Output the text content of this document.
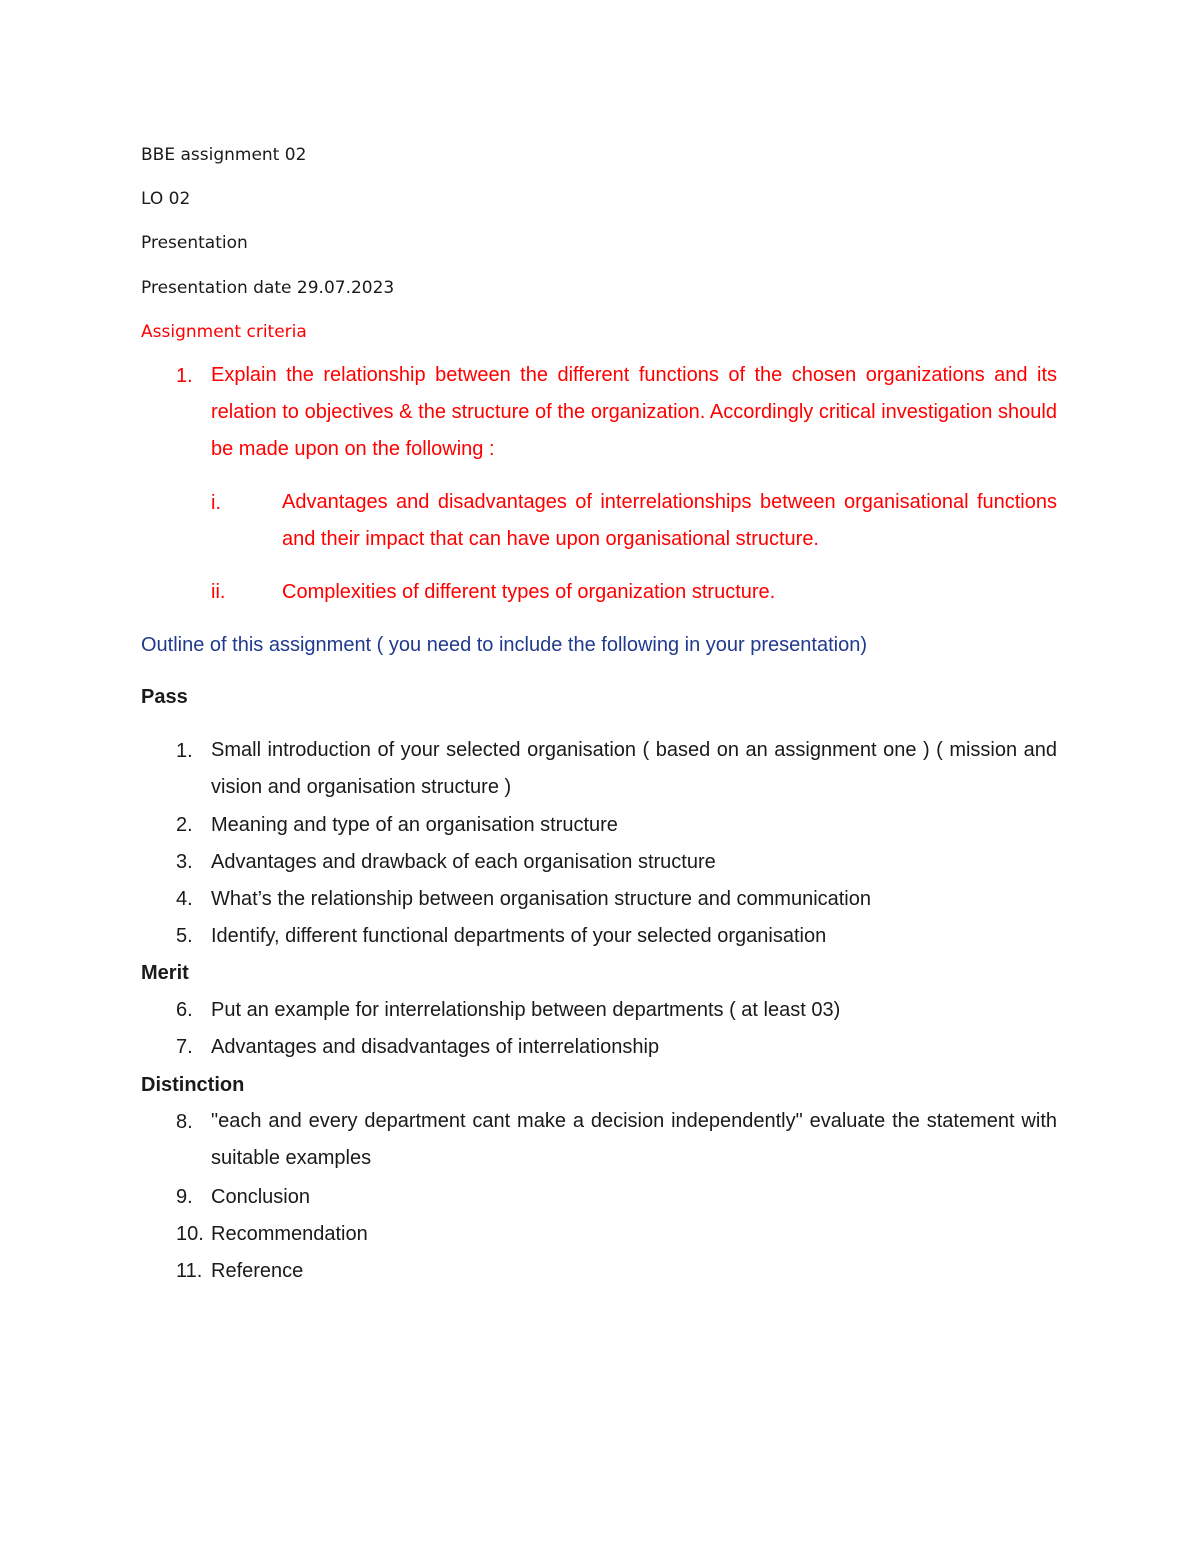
BBE assignment 02

LO 02

Presentation

Presentation date 29.07.2023

Assignment criteria

1. Explain the relationship between the different functions of the chosen organizations and its relation to objectives & the structure of the organization. Accordingly critical investigation should be made upon on the following :

i.	Advantages and disadvantages of interrelationships between organisational functions and their impact that can have upon organisational structure.

ii.	Complexities of different types of organization structure.

Outline of this assignment ( you need to include the following in your presentation)

Pass

1. Small introduction of your selected organisation ( based on an assignment one ) ( mission and vision and organisation structure )

2. Meaning and type of an organisation structure

3. Advantages and drawback of each organisation structure

4. What’s the relationship between organisation structure and communication

5. Identify, different functional departments of your selected organisation

Merit

6. Put an example for interrelationship between departments ( at least 03)

7. Advantages and disadvantages of interrelationship

Distinction

8. "each and every department cant make a decision independently" evaluate the statement with suitable examples

9. Conclusion

10. Recommendation

11. Reference
